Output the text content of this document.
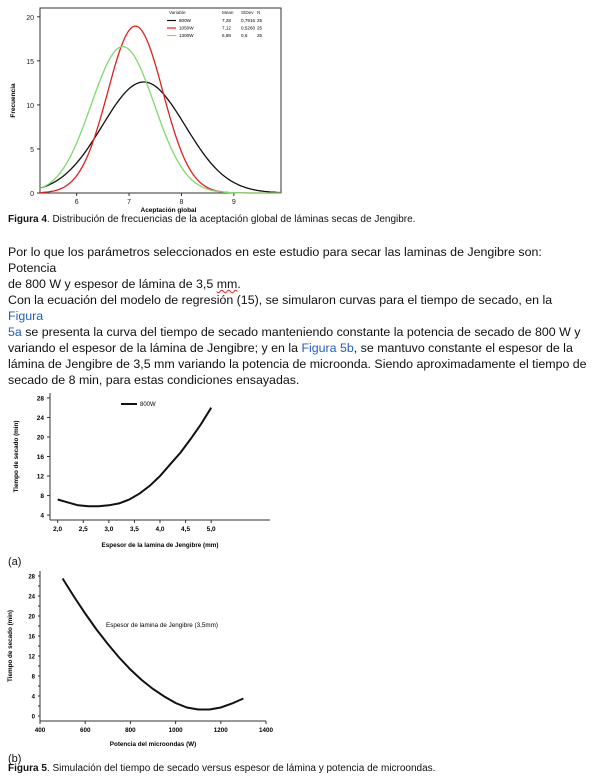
0
5
10
15
20
6	7	8	9
Aceptación global
Frecuencia
Variable	Mean StDev N
800W	7,28 0,7916 25
1050W	7,12 0,5260 25
1300W	6,88 0,6 25
Figura 4. Distribución de frecuencias de la aceptación global de láminas secas de Jengibre.
Por lo que los parámetros seleccionados en este estudio para secar las laminas de Jengibre son: Potencia
de 800 W y espesor de lámina de 3,5 mm.
Con la ecuación del modelo de regresión (15), se simularon curvas para el tiempo de secado, en la Figura
5a se presenta la curva del tiempo de secado manteniendo constante la potencia de secado de 800 W y
variando el espesor de la lámina de Jengibre; y en la Figura 5b, se mantuvo constante el espesor de la
lámina de Jengibre de 3,5 mm variando la potencia de microonda. Siendo aproximadamente el tiempo de
secado de 8 min, para estas condiciones ensayadas.
4
8
12
16
20
24
28
2,0	2,5	3,0	3,5	4,0	4,5	5,0
Espesor de la lamina de Jengibre (mm)
Tiempo de secado (min)
800W
(a)
0
4
8
12
16
20
24
28
400	600	800	1000	1200	1400
Potencia del microondas (W)
Tiempo de secado (min)	Espesor de lamina de Jengibre (3,5mm)
(b)
Figura 5. Simulación del tiempo de secado versus espesor de lámina y potencia de microondas.
